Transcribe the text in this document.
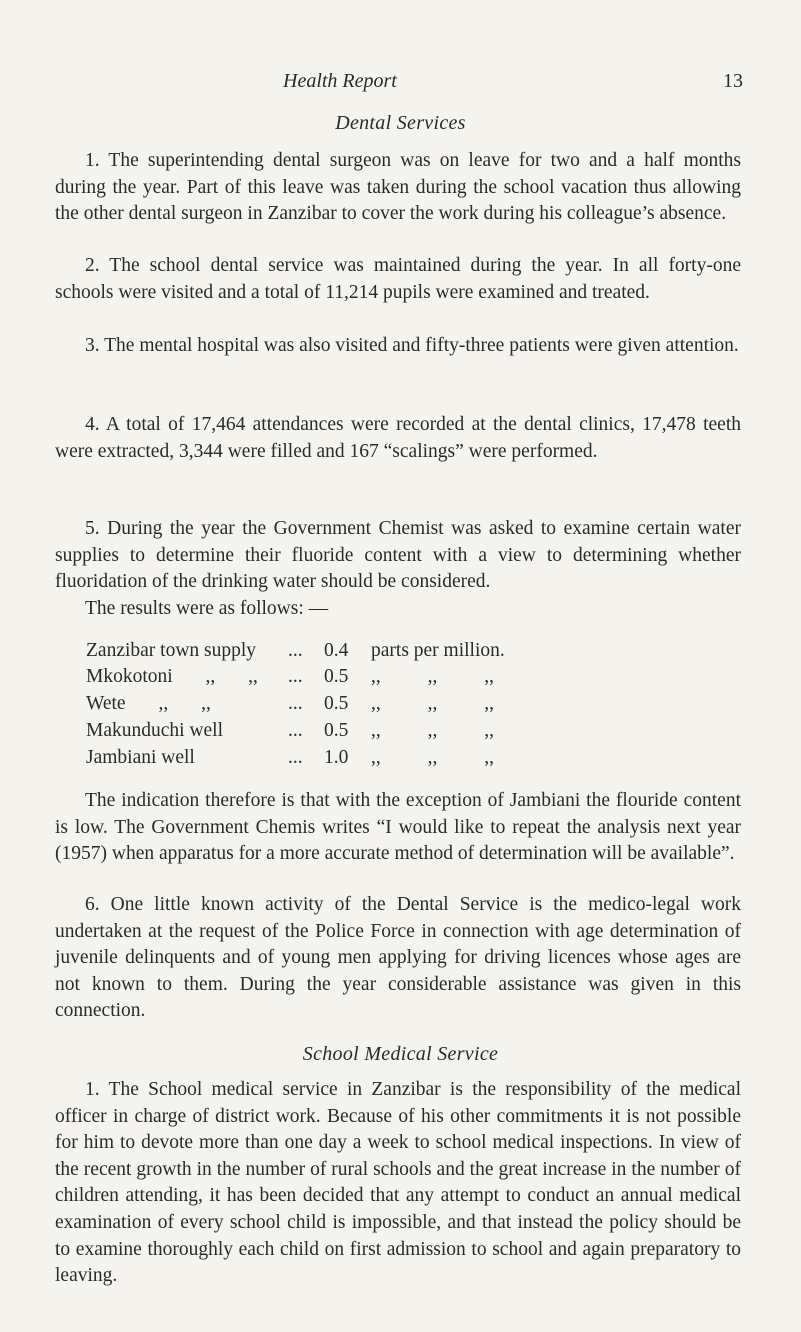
Health Report	13
Dental Services

1. The superintending dental surgeon was on leave for two and a half months during the year. Part of this leave was taken during the school vacation thus allowing the other dental surgeon in Zanzibar to cover the work during his colleague’s absence.

2. The school dental service was maintained during the year. In all forty-one schools were visited and a total of 11,214 pupils were examined and treated.

3. The mental hospital was also visited and fifty-three patients were given attention.

4. A total of 17,464 attendances were recorded at the dental clinics, 17,478 teeth were extracted, 3,344 were filled and 167 “scalings” were performed.

5. During the year the Government Chemist was asked to examine certain water supplies to determine their fluoride content with a view to determining whether fluoridation of the drinking water should be considered.

The results were as follows: —

Zanzibar town supply ... 0.4 parts per million.
Mkokotoni ,, ,, ... 0.5 ,, ,, ,,
Wete ,, ,,	... 0.5 ,, ,, ,,
Makunduchi well	... 0.5 ,, ,, ,,
Jambiani well	... 1.0 ,, ,, ,,

The indication therefore is that with the exception of Jambiani the flouride content is low. The Government Chemis writes “I would like to repeat the analysis next year (1957) when apparatus for a more accurate method of determination will be available”.

6. One little known activity of the Dental Service is the medico-legal work undertaken at the request of the Police Force in connection with age determination of juvenile delinquents and of young men applying for driving licences whose ages are not known to them. During the year considerable assistance was given in this connection.

School Medical Service

1. The School medical service in Zanzibar is the responsibility of the medical officer in charge of district work. Because of his other commitments it is not possible for him to devote more than one day a week to school medical inspections. In view of the recent growth in the number of rural schools and the great increase in the number of children attending, it has been decided that any attempt to conduct an annual medical examination of every school child is impossible, and that instead the policy should be to examine thoroughly each child on first admission to school and again preparatory to leaving.
